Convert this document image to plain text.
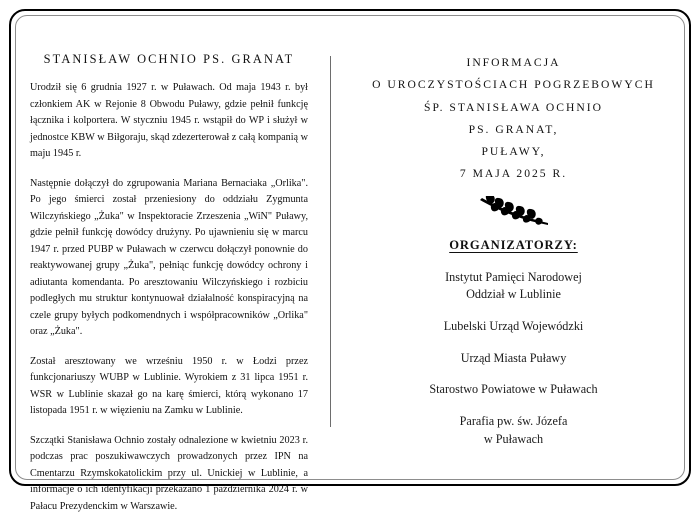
STANISŁAW OCHNIO PS. GRANAT

Urodził się 6 grudnia 1927 r. w Puławach. Od maja 1943 r. był członkiem AK w Rejonie 8 Obwodu Puławy, gdzie pełnił funkcję łącznika i kolportera. W styczniu 1945 r. wstąpił do WP i służył w jednostce KBW w Biłgoraju, skąd zdezerterował z całą kompanią w maju 1945 r.

Następnie dołączył do zgrupowania Mariana Bernaciaka „Orlika". Po jego śmierci został przeniesiony do oddziału Zygmunta Wilczyńskiego „Żuka" w Inspektoracie Zrzeszenia „WiN" Puławy, gdzie pełnił funkcję dowódcy drużyny. Po ujawnieniu się w marcu 1947 r. przed PUBP w Puławach w czerwcu dołączył ponownie do reaktywowanej grupy „Żuka", pełniąc funkcję dowódcy ochrony i adiutanta komendanta. Po aresztowaniu Wilczyńskiego i rozbiciu podległych mu struktur kontynuował działalność konspiracyjną na czele grupy byłych podkomendnych i współpracowników „Orlika" oraz „Żuka".

Został aresztowany we wrześniu 1950 r. w Łodzi przez funkcjonariuszy WUBP w Lublinie. Wyrokiem z 31 lipca 1951 r. WSR w Lublinie skazał go na karę śmierci, którą wykonano 17 listopada 1951 r. w więzieniu na Zamku w Lublinie.

Szczątki Stanisława Ochnio zostały odnalezione w kwietniu 2023 r. podczas prac poszukiwawczych prowadzonych przez IPN na Cmentarzu Rzymskokatolickim przy ul. Unickiej w Lublinie, a informacje o ich identyfikacji przekazano 1 października 2024 r. w Pałacu Prezydenckim w Warszawie.

INFORMACJA
O UROCZYSTOŚCIACH POGRZEBOWYCH
ŚP. STANISŁAWA OCHNIO
PS. GRANAT,
PUŁAWY,
7 MAJA 2025 R.
ORGANIZATORZY:
Instytut Pamięci Narodowej
Oddział w Lublinie
Lubelski Urząd Wojewódzki
Urząd Miasta Puławy
Starostwo Powiatowe w Puławach
Parafia pw. św. Józefa
w Puławach
